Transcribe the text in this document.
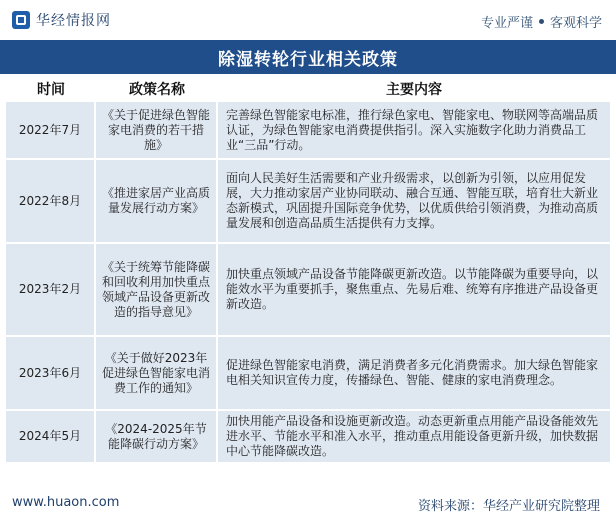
华经情报网	专业严谨 客观科学
除湿转轮行业相关政策
时间	政策名称	主要内容
2022年7月	《关于促进绿色智能家电消费的若干措施》	完善绿色智能家电标准，推行绿色家电、智能家电、物联网等高端品质认证，为绿色智能家电消费提供指引。深入实施数字化助力消费品工业“三品”行动。
2022年8月	《推进家居产业高质量发展行动方案》	面向人民美好生活需要和产业升级需求，以创新为引领，以应用促发展，大力推动家居产业协同联动、融合互通、智能互联，培育壮大新业态新模式，巩固提升国际竞争优势，以优质供给引领消费，为推动高质量发展和创造高品质生活提供有力支撑。
2023年2月	《关于统筹节能降碳和回收利用加快重点领域产品设备更新改造的指导意见》	加快重点领域产品设备节能降碳更新改造。以节能降碳为重要导向，以能效水平为重要抓手，聚焦重点、先易后难、统筹有序推进产品设备更新改造。
2023年6月	《关于做好2023年促进绿色智能家电消费工作的通知》	促进绿色智能家电消费，满足消费者多元化消费需求。加大绿色智能家电相关知识宣传力度，传播绿色、智能、健康的家电消费理念。
2024年5月	《2024-2025年节能降碳行动方案》	加快用能产品设备和设施更新改造。动态更新重点用能产品设备能效先进水平、节能水平和准入水平，推动重点用能设备更新升级，加快数据中心节能降碳改造。
www.huaon.com	资料来源：华经产业研究院整理
